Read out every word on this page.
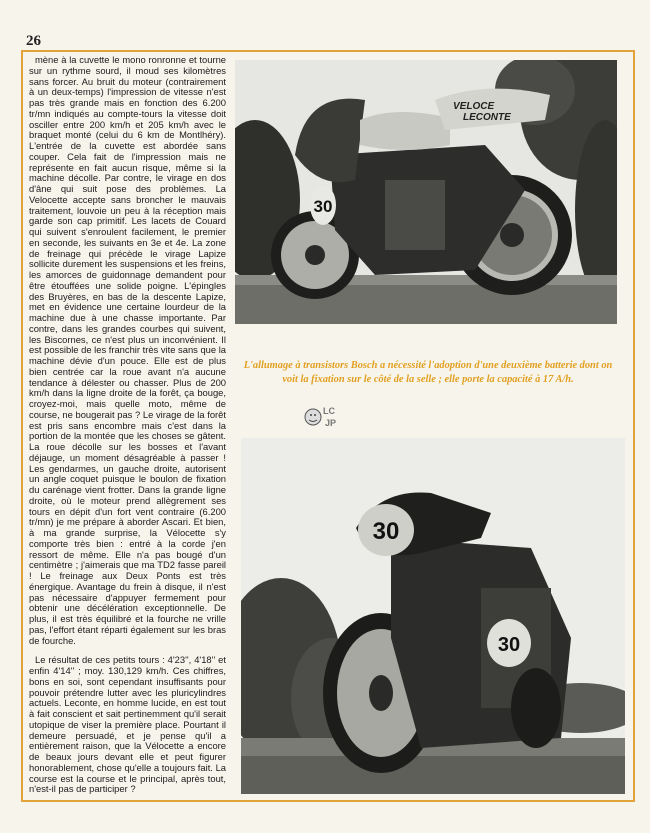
26

mène à la cuvette le mono ronronne et tourne sur un rythme sourd, il moud ses kilomètres sans forcer. Au bruit du moteur (contrairement à un deux-temps) l'impression de vitesse n'est pas très grande mais en fonction des 6.200 tr/mn indiqués au compte-tours la vitesse doit osciller entre 200 km/h et 205 km/h avec le braquet monté (celui du 6 km de Montlhéry). L'entrée de la cuvette est abordée sans couper. Cela fait de l'impression mais ne représente en fait aucun risque, même si la machine décolle. Par contre, le virage en dos d'âne qui suit pose des problèmes. La Velocette accepte sans broncher le mauvais traitement, louvoie un peu à la réception mais garde son cap primitif. Les lacets de Couard qui suivent s'enroulent facilement, le premier en seconde, les suivants en 3e et 4e. La zone de freinage qui précède le virage Lapize sollicite durement les suspensions et les freins, les amorces de guidonnage demandent pour être étouffées une solide poigne. L'épingles des Bruyères, en bas de la descente Lapize, met en évidence une certaine lourdeur de la machine due à une chasse importante. Par contre, dans les grandes courbes qui suivent, les Biscornes, ce n'est plus un inconvénient. Il est possible de les franchir très vite sans que la machine dévie d'un pouce. Elle est de plus bien centrée car la roue avant n'a aucune tendance à délester ou chasser. Plus de 200 km/h dans la ligne droite de la forêt, ça bouge, croyez-moi, mais quelle moto, même de course, ne bougerait pas ? Le virage de la forêt est pris sans encombre mais c'est dans la portion de la montée que les choses se gâtent. La roue décolle sur les bosses et l'avant déjauge, un moment désagréable à passer ! Les gendarmes, un gauche droite, autorisent un angle coquet puisque le boulon de fixation du carénage vient frotter. Dans la grande ligne droite, où le moteur prend allègrement ses tours en dépit d'un fort vent contraire (6.200 tr/mn) je me prépare à aborder Ascari. Et bien, à ma grande surprise, la Vélocette s'y comporte très bien : entré à la corde j'en ressort de même. Elle n'a pas bougé d'un centimètre ; j'aimerais que ma TD2 fasse pareil ! Le freinage aux Deux Ponts est très énergique. Avantage du frein à disque, il n'est pas nécessaire d'appuyer fermement pour obtenir une décélération exceptionnelle. De plus, il est très équilibré et la fourche ne vrille pas, l'effort étant réparti également sur les bras de fourche.

Le résultat de ces petits tours : 4'23'', 4'18'' et enfin 4'14'' ; moy. 130,129 km/h. Ces chiffres, bons en soi, sont cependant insuffisants pour pouvoir prétendre lutter avec les pluricylindres actuels. Leconte, en homme lucide, en est tout à fait conscient et sait pertinemment qu'il serait utopique de viser la première place. Pourtant il demeure persuadé, et je pense qu'il a entièrement raison, que la Vélocette a encore de beaux jours devant elle et peut figurer honorablement, chose qu'elle a toujours fait. La course est la course et le principal, après tout, n'est-il pas de participer ?

VELOCE
LECONTE
30
L'allumage à transistors Bosch a nécessité l'adoption d'une deuxième batterie dont on voit la fixation sur le côté de la selle ; elle porte la capacité à 17 A/h.
LC
JP
30
30
